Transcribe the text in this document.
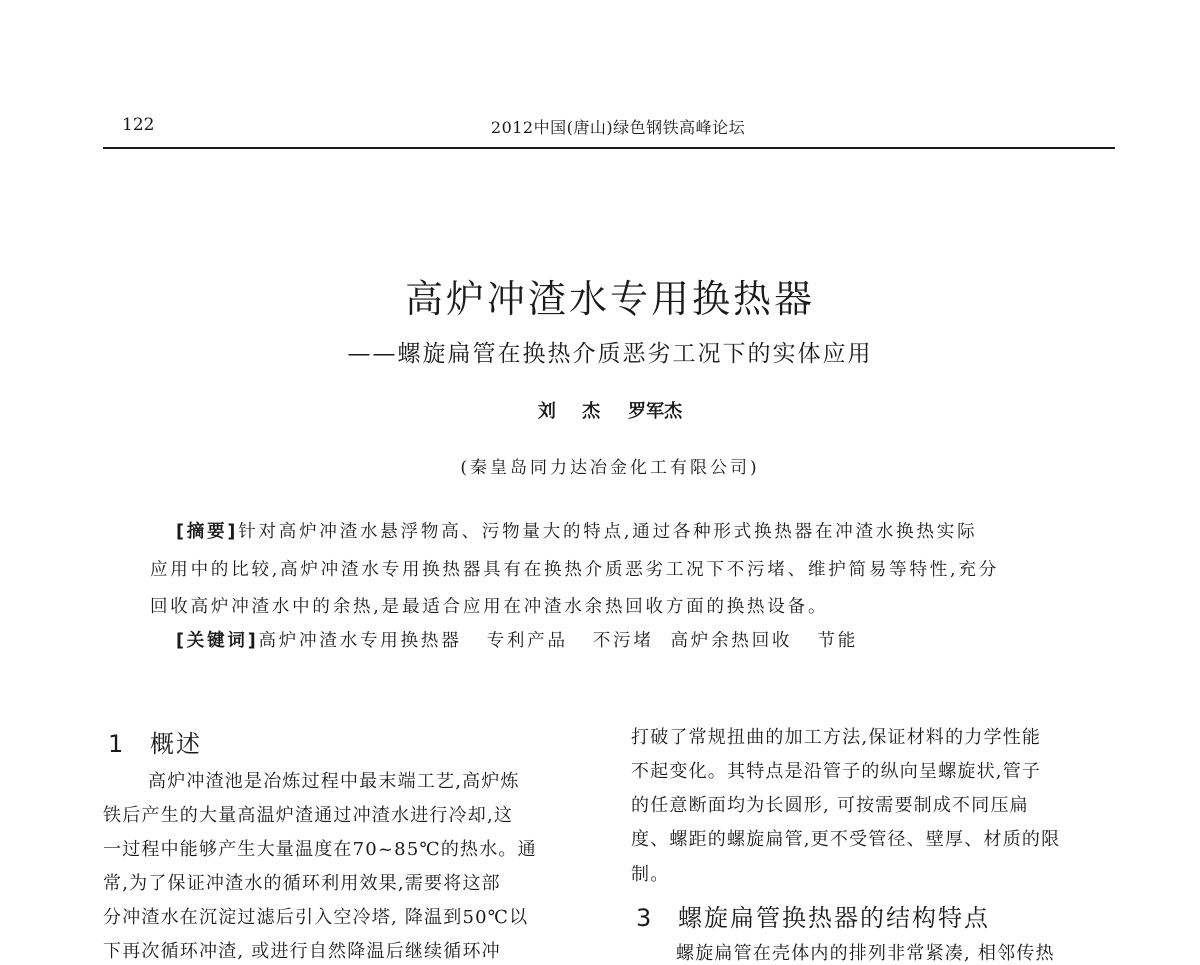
122	2012中国(唐山)绿色钢铁高峰论坛
高炉冲渣水专用换热器
——螺旋扁管在换热介质恶劣工况下的实体应用
刘 杰 罗军杰
(秦皇岛同力达冶金化工有限公司)
[摘要]针对高炉冲渣水悬浮物高、污物量大的特点,通过各种形式换热器在冲渣水换热实际
应用中的比较,高炉冲渣水专用换热器具有在换热介质恶劣工况下不污堵、维护简易等特性,充分
回收高炉冲渣水中的余热,是最适合应用在冲渣水余热回收方面的换热设备。
[关键词]高炉冲渣水专用换热器   专利产品   不污堵  高炉余热回收   节能
1 概述
高炉冲渣池是冶炼过程中最末端工艺,高炉炼
铁后产生的大量高温炉渣通过冲渣水进行冷却,这
一过程中能够产生大量温度在70~85℃的热水。通
常,为了保证冲渣水的循环利用效果,需要将这部
分冲渣水在沉淀过滤后引入空冷塔, 降温到50℃以
下再次循环冲渣, 或进行自然降温后继续循环冲
打破了常规扭曲的加工方法,保证材料的力学性能
不起变化。其特点是沿管子的纵向呈螺旋状,管子
的任意断面均为长圆形, 可按需要制成不同压扁
度、螺距的螺旋扁管,更不受管径、壁厚、材质的限
制。
3 螺旋扁管换热器的结构特点
螺旋扁管在壳体内的排列非常紧凑, 相邻传热
